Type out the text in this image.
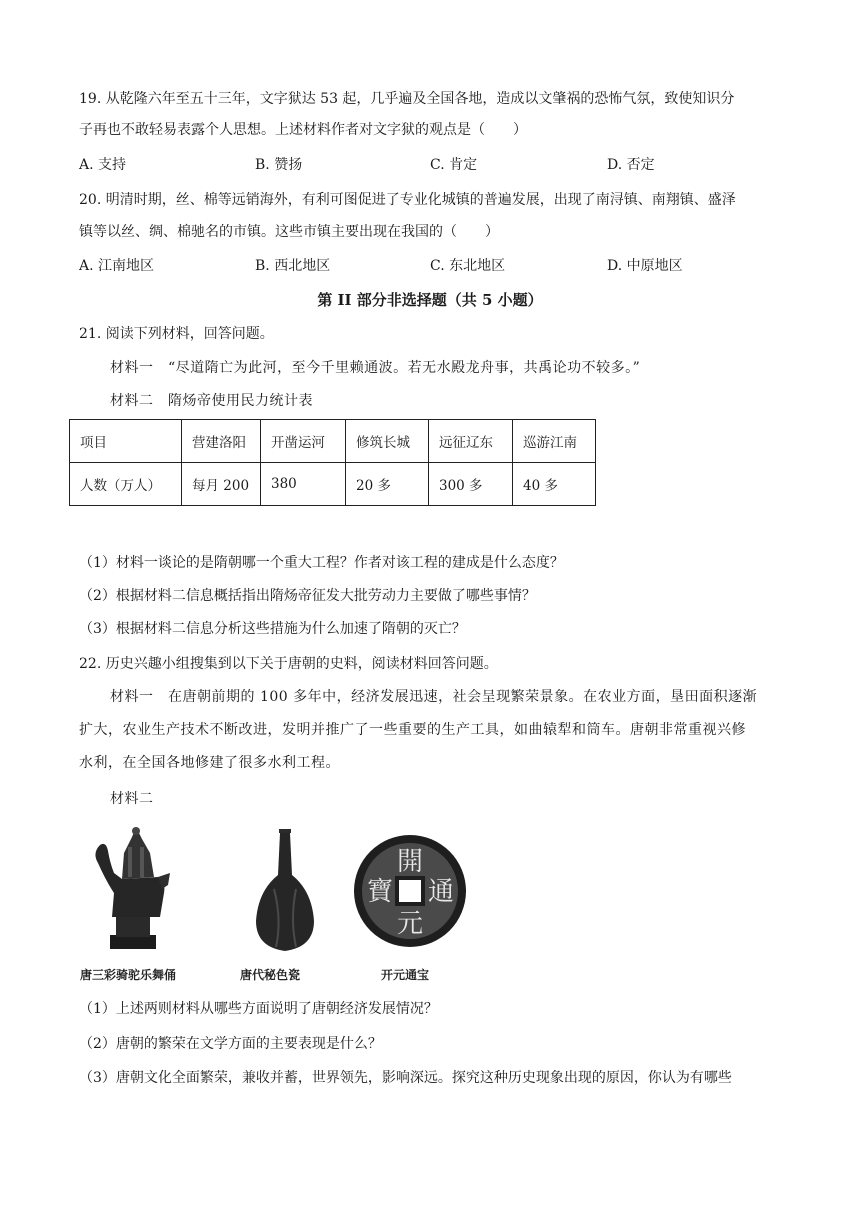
19. 从乾隆六年至五十三年，文字狱达 53 起，几乎遍及全国各地，造成以文肇祸的恐怖气氛，致使知识分
子再也不敢轻易表露个人思想。上述材料作者对文字狱的观点是（　　）
A. 支持	B. 赞扬	C. 肯定	D. 否定
20. 明清时期，丝、棉等远销海外，有利可图促进了专业化城镇的普遍发展，出现了南浔镇、南翔镇、盛泽
镇等以丝、绸、棉驰名的市镇。这些市镇主要出现在我国的（　　）
A. 江南地区	B. 西北地区	C. 东北地区	D. 中原地区
第 II 部分非选择题（共 5 小题）
21. 阅读下列材料，回答问题。
材料一　“尽道隋亡为此河，至今千里赖通波。若无水殿龙舟事，共禹论功不较多。”
材料二　隋炀帝使用民力统计表
项目	营建洛阳	开凿运河	修筑长城	远征辽东	巡游江南
人数（万人）	每月 200	380	20 多	300 多	40 多
（1）材料一谈论的是隋朝哪一个重大工程？作者对该工程的建成是什么态度？
（2）根据材料二信息概括指出隋炀帝征发大批劳动力主要做了哪些事情？
（3）根据材料二信息分析这些措施为什么加速了隋朝的灭亡？
22. 历史兴趣小组搜集到以下关于唐朝的史料，阅读材料回答问题。
材料一　在唐朝前期的 100 多年中，经济发展迅速，社会呈现繁荣景象。在农业方面，垦田面积逐渐
扩大，农业生产技术不断改进，发明并推广了一些重要的生产工具，如曲辕犁和筒车。唐朝非常重视兴修
水利，在全国各地修建了很多水利工程。
材料二
開
通
寶
元
唐三彩骑驼乐舞俑	唐代秘色瓷	开元通宝
（1）上述两则材料从哪些方面说明了唐朝经济发展情况？
（2）唐朝的繁荣在文学方面的主要表现是什么？
（3）唐朝文化全面繁荣，兼收并蓄，世界领先，影响深远。探究这种历史现象出现的原因，你认为有哪些
